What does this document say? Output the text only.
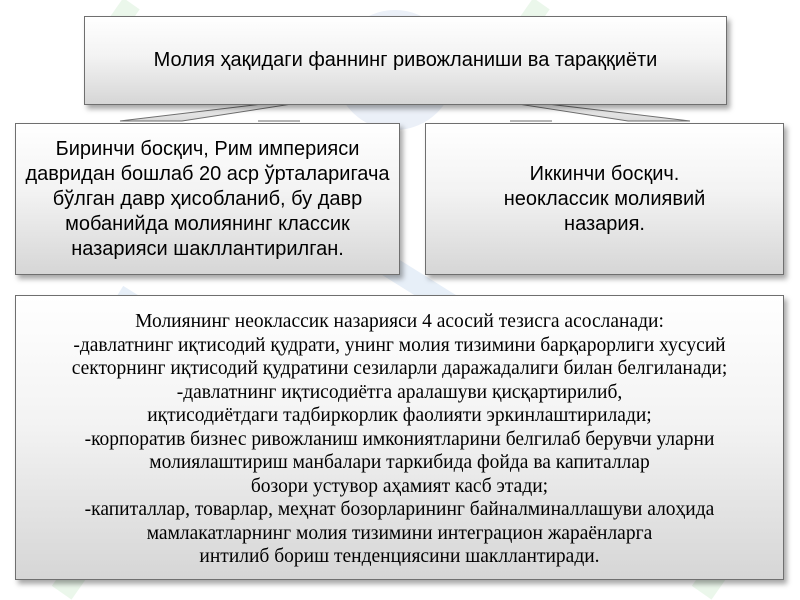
Молия ҳақидаги фаннинг ривожланиши ва тараққиёти
Биринчи босқич, Рим империяси
давридан бошлаб 20 аср ўрталаригача
бўлган давр ҳисобланиб, бу давр
мобанийда молиянинг классик
назарияси шакллантирилган.
Иккинчи босқич.
неоклассик молиявий
назария.
Молиянинг неоклассик назарияси 4 асосий тезисга асосланади:
-давлатнинг иқтисодий қудрати, унинг молия тизимини барқарорлиги хусусий
секторнинг иқтисодий қудратини сезиларли даражадалиги билан белгиланади;
-давлатнинг иқтисодиётга аралашуви қисқартирилиб,
иқтисодиётдаги тадбиркорлик фаолияти эркинлаштирилади;
-корпоратив бизнес ривожланиш имкониятларини белгилаб берувчи уларни
молиялаштириш манбалари таркибида фойда ва капиталлар
бозори устувор аҳамият касб этади;
-капиталлар, товарлар, меҳнат бозорларининг байналминаллашуви алоҳида
мамлакатларнинг молия тизимини интеграцион жараёнларга
интилиб бориш тенденциясини шакллантиради.
